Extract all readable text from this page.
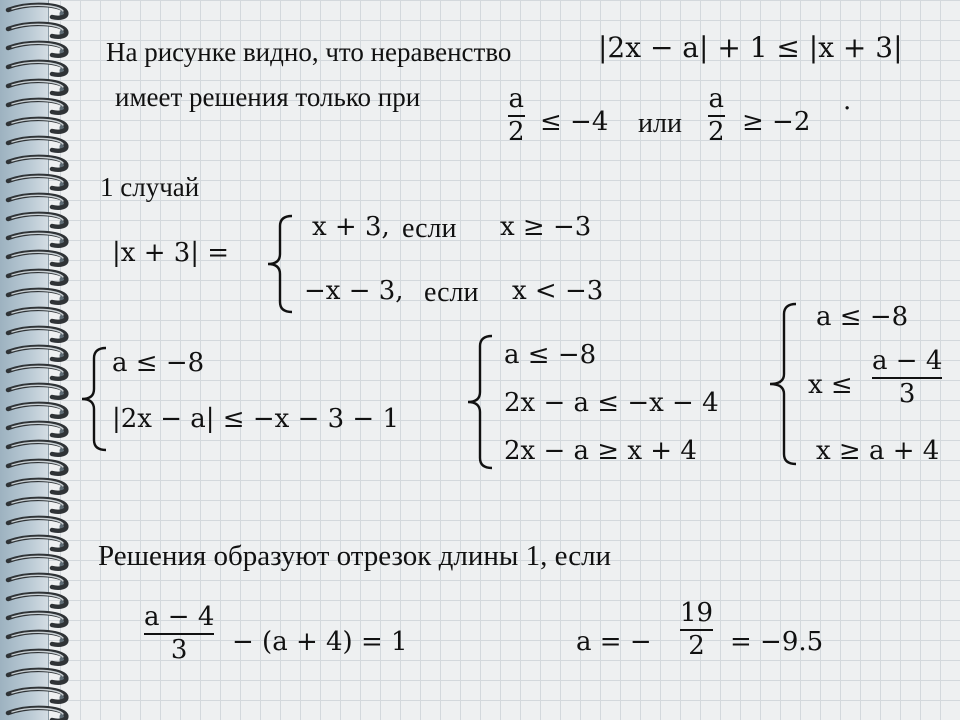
На рисунке видно, что неравенство	|2x − a| + 1 ≤ |x + 3|
имеет решения только при	a
2 ≤ −4 или
a
2 ≥ −2
.
1 случай
|x + 3| =
x + 3, если x ≥ −3
−x − 3, если x < −3
a ≤ −8
|2x − a| ≤ −x − 3 − 1
a ≤ −8
2x − a ≤ −x − 4
2x − a ≥ x + 4
a ≤ −8
x ≤
a − 4
3
x ≥ a + 4
Решения образуют отрезок длины 1, если
a − 4
3 − (a + 4) = 1	a = −
19
2 = −9.5
